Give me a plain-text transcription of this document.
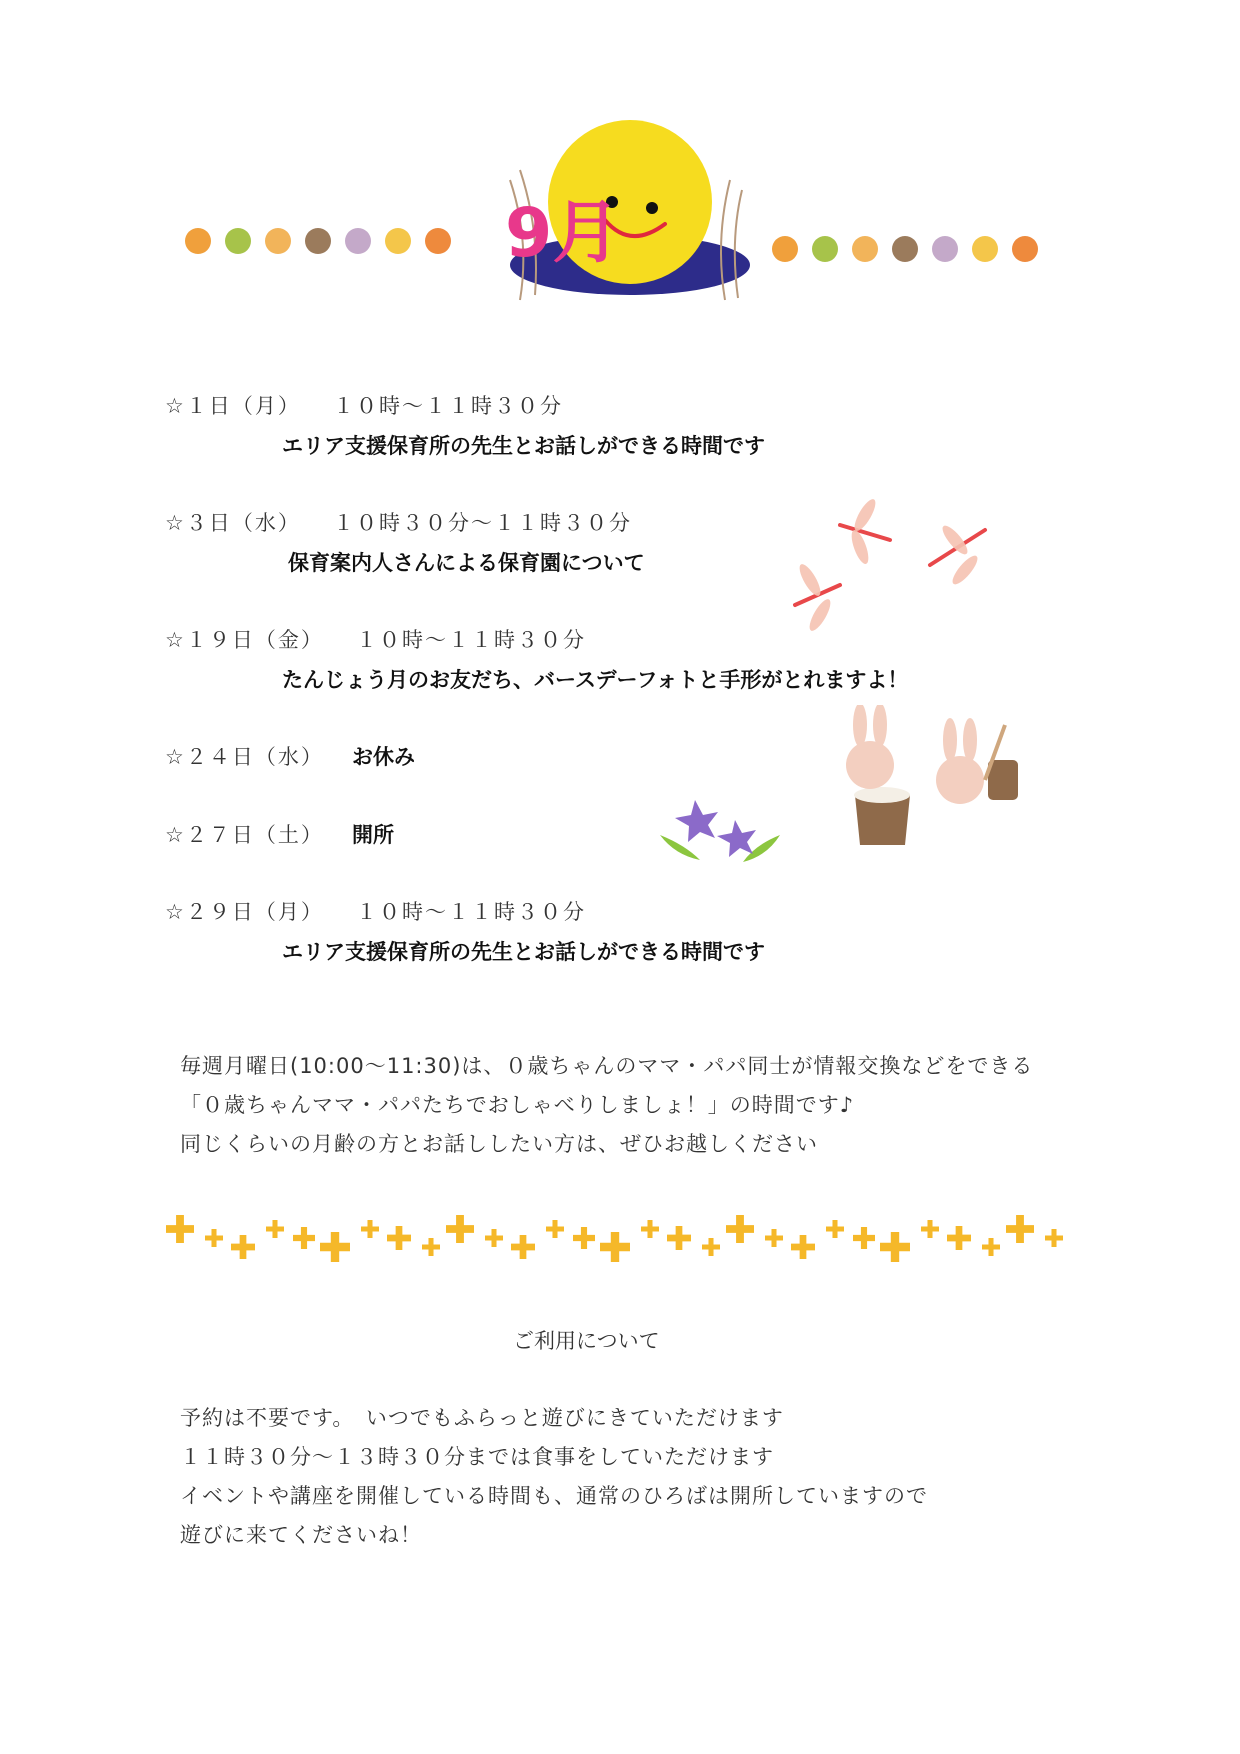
9月
☆１日（月） １０時～１１時３０分
エリア支援保育所の先生とお話しができる時間です
☆３日（水） １０時３０分～１１時３０分
保育案内人さんによる保育園について
☆１９日（金） １０時～１１時３０分
たんじょう月のお友だち、バースデーフォトと手形がとれますよ！
☆２４日（水） お休み
☆２７日（土） 開所
☆２９日（月） １０時～１１時３０分
エリア支援保育所の先生とお話しができる時間です
毎週月曜日(10:00～11:30)は、０歳ちゃんのママ・パパ同士が情報交換などをできる
「０歳ちゃんママ・パパたちでおしゃべりしましょ！」の時間です♪
同じくらいの月齢の方とお話ししたい方は、ぜひお越しください
ご利用について
予約は不要です。　いつでもふらっと遊びにきていただけます
１１時３０分～１３時３０分までは食事をしていただけます
イベントや講座を開催している時間も、通常のひろばは開所していますので
遊びに来てくださいね！
